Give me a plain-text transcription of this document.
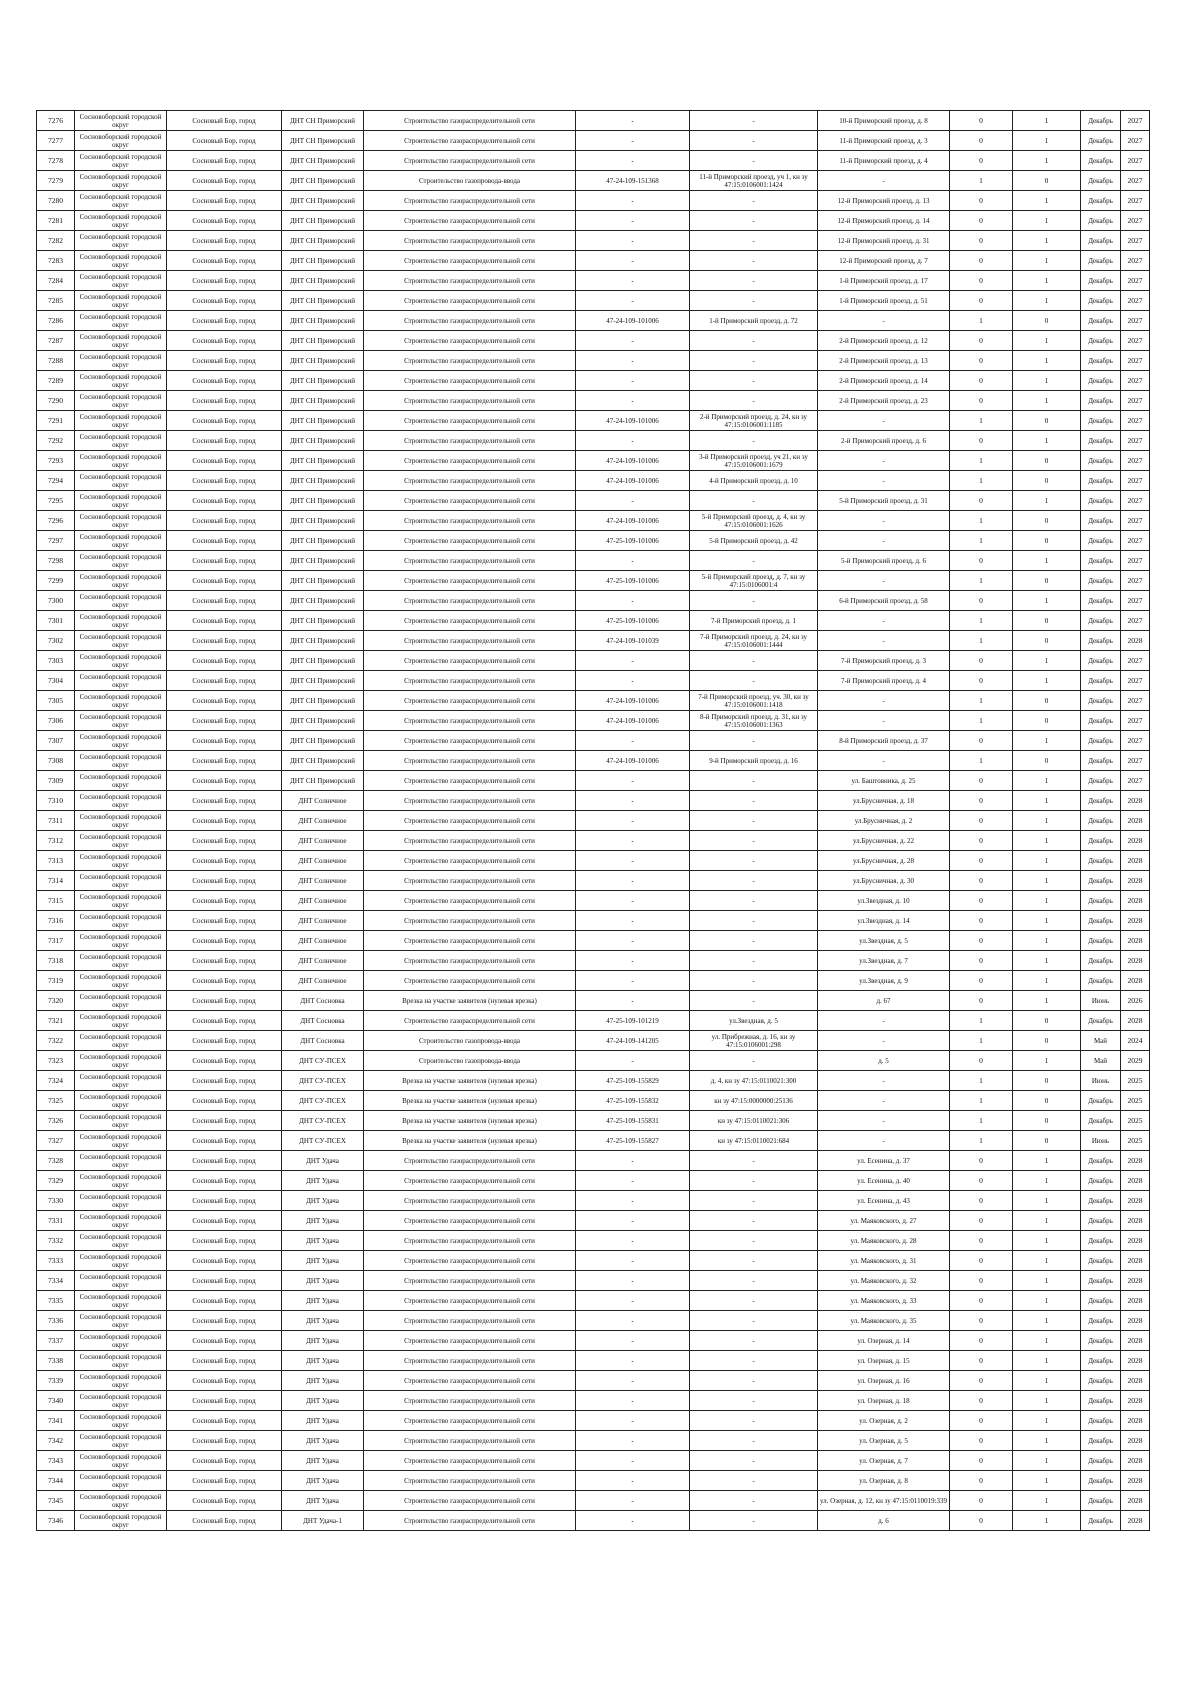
7276	Сосновоборский городской округ	Сосновый Бор, город	ДНТ СН Приморский	Строительство газораспределительной сети	-	-	10-й Приморский проезд, д. 8	0	1	Декабрь	2027
7277	Сосновоборский городской округ	Сосновый Бор, город	ДНТ СН Приморский	Строительство газораспределительной сети	-	-	11-й Приморский проезд, д. 3	0	1	Декабрь	2027
7278	Сосновоборский городской округ	Сосновый Бор, город	ДНТ СН Приморский	Строительство газораспределительной сети	-	-	11-й Приморский проезд, д. 4	0	1	Декабрь	2027
7279	Сосновоборский городской округ	Сосновый Бор, город	ДНТ СН Приморский	Строительство газопровода-ввода	47-24-109-151368	11-й Приморский проезд, уч 1, кн зу 47:15:0106001:1424	-	1	0	Декабрь	2027
7280	Сосновоборский городской округ	Сосновый Бор, город	ДНТ СН Приморский	Строительство газораспределительной сети	-	-	12-й Приморский проезд, д. 13	0	1	Декабрь	2027
7281	Сосновоборский городской округ	Сосновый Бор, город	ДНТ СН Приморский	Строительство газораспределительной сети	-	-	12-й Приморский проезд, д. 14	0	1	Декабрь	2027
7282	Сосновоборский городской округ	Сосновый Бор, город	ДНТ СН Приморский	Строительство газораспределительной сети	-	-	12-й Приморский проезд, д. 31	0	1	Декабрь	2027
7283	Сосновоборский городской округ	Сосновый Бор, город	ДНТ СН Приморский	Строительство газораспределительной сети	-	-	12-й Приморский проезд, д. 7	0	1	Декабрь	2027
7284	Сосновоборский городской округ	Сосновый Бор, город	ДНТ СН Приморский	Строительство газораспределительной сети	-	-	1-й Приморский проезд, д. 17	0	1	Декабрь	2027
7285	Сосновоборский городской округ	Сосновый Бор, город	ДНТ СН Приморский	Строительство газораспределительной сети	-	-	1-й Приморский проезд, д. 51	0	1	Декабрь	2027
7286	Сосновоборский городской округ	Сосновый Бор, город	ДНТ СН Приморский	Строительство газораспределительной сети	47-24-109-101006	1-й Приморский проезд, д. 72	-	1	0	Декабрь	2027
7287	Сосновоборский городской округ	Сосновый Бор, город	ДНТ СН Приморский	Строительство газораспределительной сети	-	-	2-й Приморский проезд, д. 12	0	1	Декабрь	2027
7288	Сосновоборский городской округ	Сосновый Бор, город	ДНТ СН Приморский	Строительство газораспределительной сети	-	-	2-й Приморский проезд, д. 13	0	1	Декабрь	2027
7289	Сосновоборский городской округ	Сосновый Бор, город	ДНТ СН Приморский	Строительство газораспределительной сети	-	-	2-й Приморский проезд, д. 14	0	1	Декабрь	2027
7290	Сосновоборский городской округ	Сосновый Бор, город	ДНТ СН Приморский	Строительство газораспределительной сети	-	-	2-й Приморский проезд, д. 23	0	1	Декабрь	2027
7291	Сосновоборский городской округ	Сосновый Бор, город	ДНТ СН Приморский	Строительство газораспределительной сети	47-24-109-101006	2-й Приморский проезд, д. 24, кн зу 47:15:0106001:1185	-	1	0	Декабрь	2027
7292	Сосновоборский городской округ	Сосновый Бор, город	ДНТ СН Приморский	Строительство газораспределительной сети	-	-	2-й Приморский проезд, д. 6	0	1	Декабрь	2027
7293	Сосновоборский городской округ	Сосновый Бор, город	ДНТ СН Приморский	Строительство газораспределительной сети	47-24-109-101006	3-й Приморский проезд, уч 21, кн зу 47:15:0106001:1679	-	1	0	Декабрь	2027
7294	Сосновоборский городской округ	Сосновый Бор, город	ДНТ СН Приморский	Строительство газораспределительной сети	47-24-109-101006	4-й Приморский проезд, д. 10	-	1	0	Декабрь	2027
7295	Сосновоборский городской округ	Сосновый Бор, город	ДНТ СН Приморский	Строительство газораспределительной сети	-	-	5-й Приморский проезд, д. 31	0	1	Декабрь	2027
7296	Сосновоборский городской округ	Сосновый Бор, город	ДНТ СН Приморский	Строительство газораспределительной сети	47-24-109-101006	5-й Приморский проезд, д. 4, кн зу 47:15:0106001:1626	-	1	0	Декабрь	2027
7297	Сосновоборский городской округ	Сосновый Бор, город	ДНТ СН Приморский	Строительство газораспределительной сети	47-25-109-101006	5-й Приморский проезд, д. 42	-	1	0	Декабрь	2027
7298	Сосновоборский городской округ	Сосновый Бор, город	ДНТ СН Приморский	Строительство газораспределительной сети	-	-	5-й Приморский проезд, д. 6	0	1	Декабрь	2027
7299	Сосновоборский городской округ	Сосновый Бор, город	ДНТ СН Приморский	Строительство газораспределительной сети	47-25-109-101006	5-й Приморский проезд, д. 7, кн зу 47:15:0106001:4	-	1	0	Декабрь	2027
7300	Сосновоборский городской округ	Сосновый Бор, город	ДНТ СН Приморский	Строительство газораспределительной сети	-	-	6-й Приморский проезд, д. 58	0	1	Декабрь	2027
7301	Сосновоборский городской округ	Сосновый Бор, город	ДНТ СН Приморский	Строительство газораспределительной сети	47-25-109-101006	7-й Приморский проезд, д. 1	-	1	0	Декабрь	2027
7302	Сосновоборский городской округ	Сосновый Бор, город	ДНТ СН Приморский	Строительство газораспределительной сети	47-24-109-101039	7-й Приморский проезд, д. 24, кн зу 47:15:0106001:1444	-	1	0	Декабрь	2028
7303	Сосновоборский городской округ	Сосновый Бор, город	ДНТ СН Приморский	Строительство газораспределительной сети	-	-	7-й Приморский проезд, д. 3	0	1	Декабрь	2027
7304	Сосновоборский городской округ	Сосновый Бор, город	ДНТ СН Приморский	Строительство газораспределительной сети	-	-	7-й Приморский проезд, д. 4	0	1	Декабрь	2027
7305	Сосновоборский городской округ	Сосновый Бор, город	ДНТ СН Приморский	Строительство газораспределительной сети	47-24-109-101006	7-й Приморский проезд, уч. 30, кн зу 47:15:0106001:1418	-	1	0	Декабрь	2027
7306	Сосновоборский городской округ	Сосновый Бор, город	ДНТ СН Приморский	Строительство газораспределительной сети	47-24-109-101006	8-й Приморский проезд, д. 31, кн зу 47:15:0106001:1363	-	1	0	Декабрь	2027
7307	Сосновоборский городской округ	Сосновый Бор, город	ДНТ СН Приморский	Строительство газораспределительной сети	-	-	8-й Приморский проезд, д. 37	0	1	Декабрь	2027
7308	Сосновоборский городской округ	Сосновый Бор, город	ДНТ СН Приморский	Строительство газораспределительной сети	47-24-109-101006	9-й Приморский проезд, д. 16	-	1	0	Декабрь	2027
7309	Сосновоборский городской округ	Сосновый Бор, город	ДНТ СН Приморский	Строительство газораспределительной сети	-	-	ул. Баштовника, д. 25	0	1	Декабрь	2027
7310	Сосновоборский городской округ	Сосновый Бор, город	ДНТ Солнечное	Строительство газораспределительной сети	-	-	ул.Брусничная, д. 18	0	1	Декабрь	2028
7311	Сосновоборский городской округ	Сосновый Бор, город	ДНТ Солнечное	Строительство газораспределительной сети	-	-	ул.Брусничная, д. 2	0	1	Декабрь	2028
7312	Сосновоборский городской округ	Сосновый Бор, город	ДНТ Солнечное	Строительство газораспределительной сети	-	-	ул.Брусничная, д. 22	0	1	Декабрь	2028
7313	Сосновоборский городской округ	Сосновый Бор, город	ДНТ Солнечное	Строительство газораспределительной сети	-	-	ул.Брусничная, д. 28	0	1	Декабрь	2028
7314	Сосновоборский городской округ	Сосновый Бор, город	ДНТ Солнечное	Строительство газораспределительной сети	-	-	ул.Брусничная, д. 30	0	1	Декабрь	2028
7315	Сосновоборский городской округ	Сосновый Бор, город	ДНТ Солнечное	Строительство газораспределительной сети	-	-	ул.Звездная, д. 10	0	1	Декабрь	2028
7316	Сосновоборский городской округ	Сосновый Бор, город	ДНТ Солнечное	Строительство газораспределительной сети	-	-	ул.Звездная, д. 14	0	1	Декабрь	2028
7317	Сосновоборский городской округ	Сосновый Бор, город	ДНТ Солнечное	Строительство газораспределительной сети	-	-	ул.Звездная, д. 5	0	1	Декабрь	2028
7318	Сосновоборский городской округ	Сосновый Бор, город	ДНТ Солнечное	Строительство газораспределительной сети	-	-	ул.Звездная, д. 7	0	1	Декабрь	2028
7319	Сосновоборский городской округ	Сосновый Бор, город	ДНТ Солнечное	Строительство газораспределительной сети	-	-	ул.Звездная, д. 9	0	1	Декабрь	2028
7320	Сосновоборский городской округ	Сосновый Бор, город	ДНТ Сосновка	Врезка на участке заявителя (нулевая врезка)	-	-	д. 67	0	1	Июнь	2026
7321	Сосновоборский городской округ	Сосновый Бор, город	ДНТ Сосновка	Строительство газораспределительной сети	47-25-109-101219	ул.Звездная, д. 5	-	1	0	Декабрь	2028
7322	Сосновоборский городской округ	Сосновый Бор, город	ДНТ Сосновка	Строительство газопровода-ввода	47-24-109-141205	ул. Прибрежная, д. 16, кн зу 47:15:0106001:298	-	1	0	Май	2024
7323	Сосновоборский городской округ	Сосновый Бор, город	ДНТ СУ-ПСЕХ	Строительство газопровода-ввода	-	-	д. 5	0	1	Май	2029
7324	Сосновоборский городской округ	Сосновый Бор, город	ДНТ СУ-ПСЕХ	Врезка на участке заявителя (нулевая врезка)	47-25-109-155829	д. 4, кн зу 47:15:0110021:300	-	1	0	Июнь	2025
7325	Сосновоборский городской округ	Сосновый Бор, город	ДНТ СУ-ПСЕХ	Врезка на участке заявителя (нулевая врезка)	47-25-109-155832	кн зу 47:15:0000000:25136	-	1	0	Декабрь	2025
7326	Сосновоборский городской округ	Сосновый Бор, город	ДНТ СУ-ПСЕХ	Врезка на участке заявителя (нулевая врезка)	47-25-109-155831	кн зу 47:15:0110021:306	-	1	0	Декабрь	2025
7327	Сосновоборский городской округ	Сосновый Бор, город	ДНТ СУ-ПСЕХ	Врезка на участке заявителя (нулевая врезка)	47-25-109-155827	кн зу 47:15:0110021:684	-	1	0	Июнь	2025
7328	Сосновоборский городской округ	Сосновый Бор, город	ДНТ Удача	Строительство газораспределительной сети	-	-	ул. Есенина, д. 37	0	1	Декабрь	2028
7329	Сосновоборский городской округ	Сосновый Бор, город	ДНТ Удача	Строительство газораспределительной сети	-	-	ул. Есенина, д. 40	0	1	Декабрь	2028
7330	Сосновоборский городской округ	Сосновый Бор, город	ДНТ Удача	Строительство газораспределительной сети	-	-	ул. Есенина, д. 43	0	1	Декабрь	2028
7331	Сосновоборский городской округ	Сосновый Бор, город	ДНТ Удача	Строительство газораспределительной сети	-	-	ул. Маяковского, д. 27	0	1	Декабрь	2028
7332	Сосновоборский городской округ	Сосновый Бор, город	ДНТ Удача	Строительство газораспределительной сети	-	-	ул. Маяковского, д. 28	0	1	Декабрь	2028
7333	Сосновоборский городской округ	Сосновый Бор, город	ДНТ Удача	Строительство газораспределительной сети	-	-	ул. Маяковского, д. 31	0	1	Декабрь	2028
7334	Сосновоборский городской округ	Сосновый Бор, город	ДНТ Удача	Строительство газораспределительной сети	-	-	ул. Маяковского, д. 32	0	1	Декабрь	2028
7335	Сосновоборский городской округ	Сосновый Бор, город	ДНТ Удача	Строительство газораспределительной сети	-	-	ул. Маяковского, д. 33	0	1	Декабрь	2028
7336	Сосновоборский городской округ	Сосновый Бор, город	ДНТ Удача	Строительство газораспределительной сети	-	-	ул. Маяковского, д. 35	0	1	Декабрь	2028
7337	Сосновоборский городской округ	Сосновый Бор, город	ДНТ Удача	Строительство газораспределительной сети	-	-	ул. Озерная, д. 14	0	1	Декабрь	2028
7338	Сосновоборский городской округ	Сосновый Бор, город	ДНТ Удача	Строительство газораспределительной сети	-	-	ул. Озерная, д. 15	0	1	Декабрь	2028
7339	Сосновоборский городской округ	Сосновый Бор, город	ДНТ Удача	Строительство газораспределительной сети	-	-	ул. Озерная, д. 16	0	1	Декабрь	2028
7340	Сосновоборский городской округ	Сосновый Бор, город	ДНТ Удача	Строительство газораспределительной сети	-	-	ул. Озерная, д. 18	0	1	Декабрь	2028
7341	Сосновоборский городской округ	Сосновый Бор, город	ДНТ Удача	Строительство газораспределительной сети	-	-	ул. Озерная, д. 2	0	1	Декабрь	2028
7342	Сосновоборский городской округ	Сосновый Бор, город	ДНТ Удача	Строительство газораспределительной сети	-	-	ул. Озерная, д. 5	0	1	Декабрь	2028
7343	Сосновоборский городской округ	Сосновый Бор, город	ДНТ Удача	Строительство газораспределительной сети	-	-	ул. Озерная, д. 7	0	1	Декабрь	2028
7344	Сосновоборский городской округ	Сосновый Бор, город	ДНТ Удача	Строительство газораспределительной сети	-	-	ул. Озерная, д. 8	0	1	Декабрь	2028
7345	Сосновоборский городской округ	Сосновый Бор, город	ДНТ Удача	Строительство газораспределительной сети	-	-	ул. Озерная, д. 12, кн зу 47:15:0110019:339	0	1	Декабрь	2028
7346	Сосновоборский городской округ	Сосновый Бор, город	ДНТ Удача-1	Строительство газораспределительной сети	-	-	д. 6	0	1	Декабрь	2028
